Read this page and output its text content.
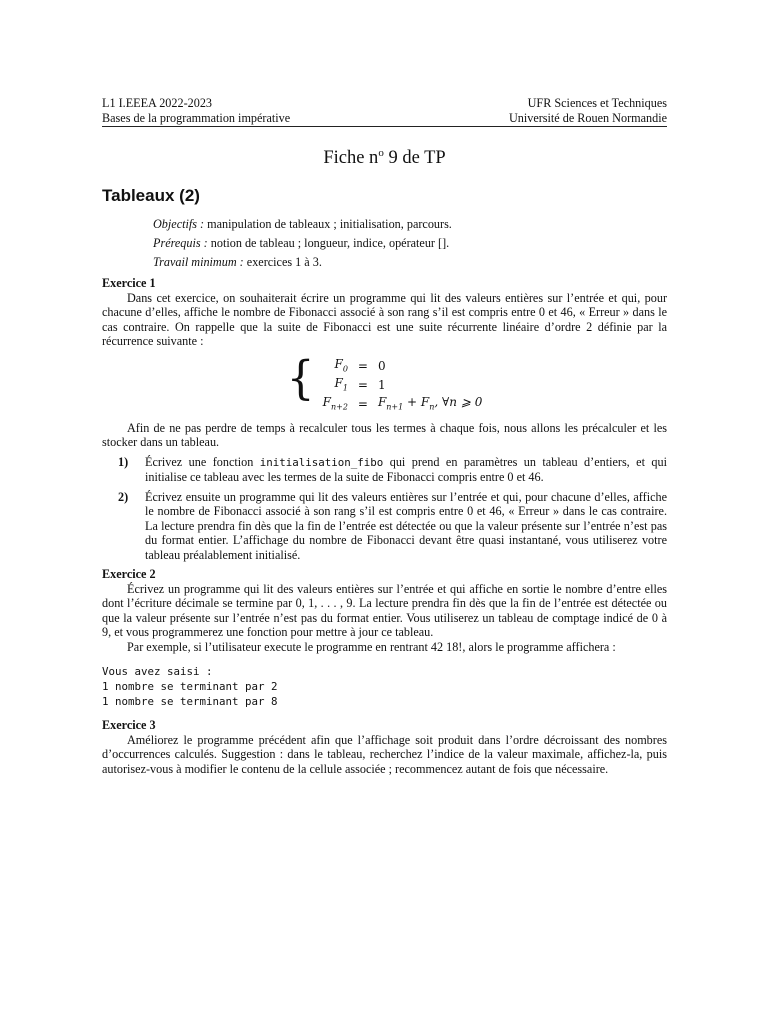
L1 I.EEEA 2022-2023
Bases de la programmation impérative
UFR Sciences et Techniques
Université de Rouen Normandie
Fiche $n^o$ 9 de TP
Tableaux (2)
Objectifs : manipulation de tableaux ; initialisation, parcours.
Prérequis : notion de tableau ; longueur, indice, opérateur [].
Travail minimum : exercices 1 à 3.
Exercice 1

Dans cet exercice, on souhaiterait écrire un programme qui lit des valeurs entières sur l’entrée et qui, pour chacune d’elles, affiche le nombre de Fibonacci associé à son rang s’il est compris entre 0 et 46, « Erreur » dans le cas contraire. On rappelle que la suite de Fibonacci est une suite récurrente linéaire d’ordre 2 définie par la récurrence suivante :

{	$F_0 = 0$
$F_1 = 1$
$F_{n+2} = F_{n+1} + F_n$, ∀n ⩾ 0

Afin de ne pas perdre de temps à recalculer tous les termes à chaque fois, nous allons les précalculer et les stocker dans un tableau.

1)	Écrivez une fonction initialisation_fibo qui prend en paramètres un tableau d’entiers, et qui initialise ce tableau avec les termes de la suite de Fibonacci compris entre 0 et 46.
2)	Écrivez ensuite un programme qui lit des valeurs entières sur l’entrée et qui, pour chacune d’elles, affiche le nombre de Fibonacci associé à son rang s’il est compris entre 0 et 46, « Erreur » dans le cas contraire. La lecture prendra fin dès que la fin de l’entrée est détectée ou que la valeur présente sur l’entrée n’est pas du format entier. L’affichage du nombre de Fibonacci devant être quasi instantané, vous utiliserez votre tableau préalablement initialisé.
Exercice 2

Écrivez un programme qui lit des valeurs entières sur l’entrée et qui affiche en sortie le nombre d’entre elles dont l’écriture décimale se termine par 0, 1, . . . , 9. La lecture prendra fin dès que la fin de l’entrée est détectée ou que la valeur présente sur l’entrée n’est pas du format entier. Vous utiliserez un tableau de comptage indicé de 0 à 9, et vous programmerez une fonction pour mettre à jour ce tableau.

Par exemple, si l’utilisateur execute le programme en rentrant 42 18!, alors le programme affichera :

Vous avez saisi :
1 nombre se terminant par 2
1 nombre se terminant par 8
Exercice 3

Améliorez le programme précédent afin que l’affichage soit produit dans l’ordre décroissant des nombres d’occurrences calculés. Suggestion : dans le tableau, recherchez l’indice de la valeur maximale, affichez-la, puis autorisez-vous à modifier le contenu de la cellule associée ; recommencez autant de fois que nécessaire.
